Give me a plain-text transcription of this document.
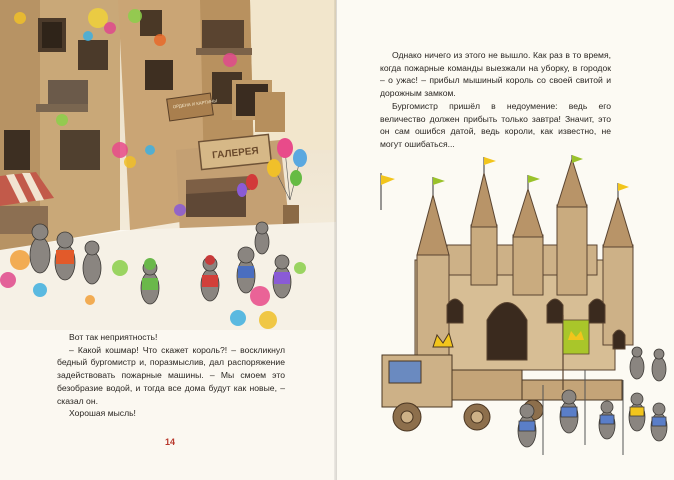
ОРДЕНА И КАРТИНЫ
ГАЛЕРЕЯ

Вот так неприятность!

– Какой кошмар! Что скажет король?! – воскликнул бедный бургомистр и, поразмыслив, дал распоряжение задействовать пожарные машины. – Мы смоем это безобразие водой, и тогда все дома будут как новые, – сказал он.

Хорошая мысль!

14

Однако ничего из этого не вышло. Как раз в то время, когда пожарные команды выезжали на уборку, в городок – о ужас! – прибыл мышиный король со своей свитой и дорожным замком.

Бургомистр пришёл в недоумение: ведь его величество должен прибыть только завтра! Значит, это он сам ошибся датой, ведь короли, как известно, не могут ошибаться...
